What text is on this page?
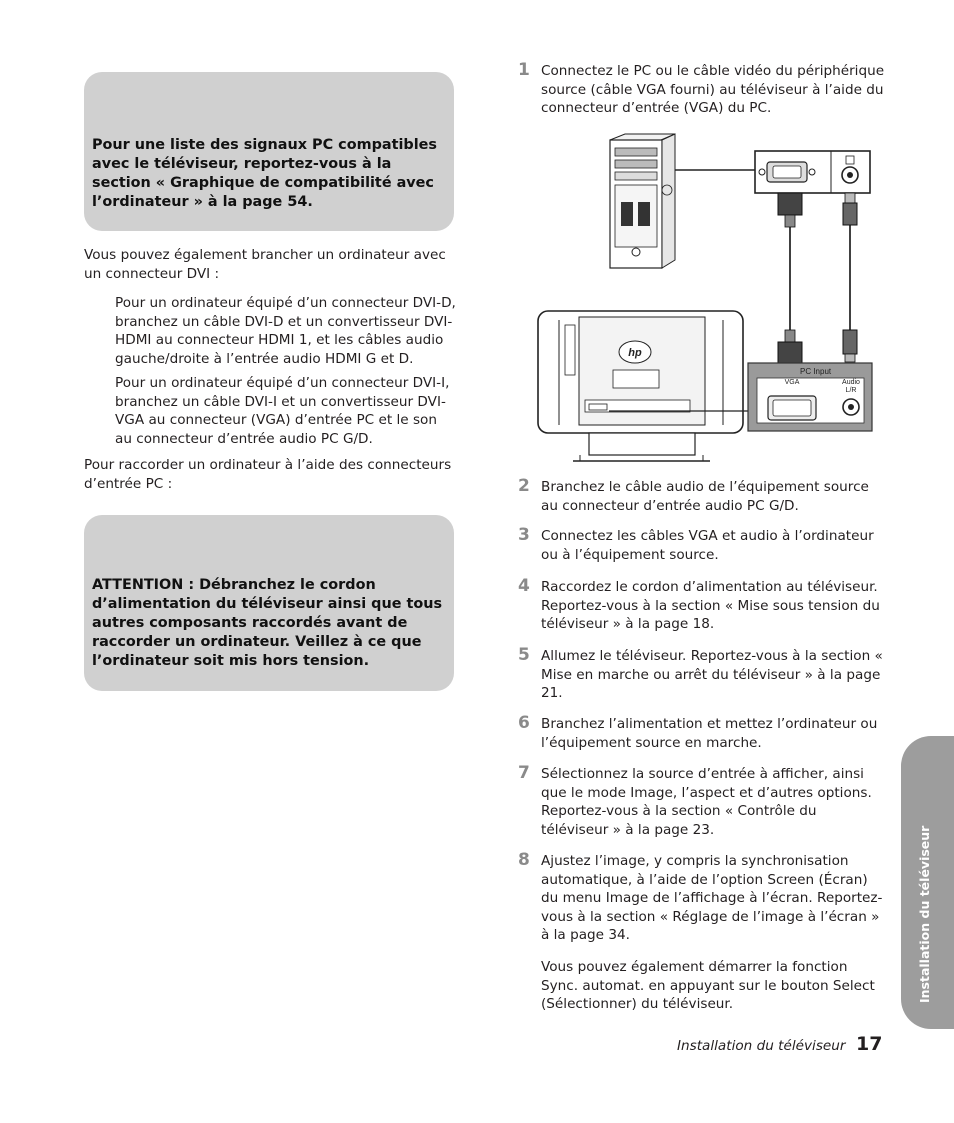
Pour une liste des signaux PC compatibles avec le téléviseur, reportez-vous à la section « Graphique de compatibilité avec l’ordinateur » à la page 54.

Vous pouvez également brancher un ordinateur avec un connecteur DVI :

Pour un ordinateur équipé d’un connecteur DVI-D, branchez un câble DVI-D et un convertisseur DVI-HDMI au connecteur HDMI 1, et les câbles audio gauche/droite à l’entrée audio HDMI G et D.

Pour un ordinateur équipé d’un connecteur DVI-I, branchez un câble DVI-I et un convertisseur DVI-VGA au connecteur (VGA) d’entrée PC et le son au connecteur d’entrée audio PC G/D.

Pour raccorder un ordinateur à l’aide des connecteurs d’entrée PC :

ATTENTION : Débranchez le cordon d’alimentation du téléviseur ainsi que tous autres composants raccordés avant de raccorder un ordinateur. Veillez à ce que l’ordinateur soit mis hors tension.

1 Connectez le PC ou le câble vidéo du périphérique source (câble VGA fourni) au téléviseur à l’aide du connecteur d’entrée (VGA) du PC.

hp
PC Input
VGA	Audio
L/R
2 Branchez le câble audio de l’équipement source au connecteur d’entrée audio PC G/D.

3 Connectez les câbles VGA et audio à l’ordinateur ou à l’équipement source.

4 Raccordez le cordon d’alimentation au téléviseur. Reportez-vous à la section « Mise sous tension du téléviseur » à la page 18.

5 Allumez le téléviseur. Reportez-vous à la section « Mise en marche ou arrêt du téléviseur » à la page 21.

6 Branchez l’alimentation et mettez l’ordinateur ou l’équipement source en marche.

7 Sélectionnez la source d’entrée à afficher, ainsi que le mode Image, l’aspect et d’autres options. Reportez-vous à la section « Contrôle du téléviseur » à la page 23.

8 Ajustez l’image, y compris la synchronisation automatique, à l’aide de l’option Screen (Écran) du menu Image de l’affichage à l’écran. Reportez-vous à la section « Réglage de l’image à l’écran » à la page 34.

Vous pouvez également démarrer la fonction Sync. automat. en appuyant sur le bouton Select (Sélectionner) du téléviseur.

Installation du téléviseur
Installation du téléviseur 17
